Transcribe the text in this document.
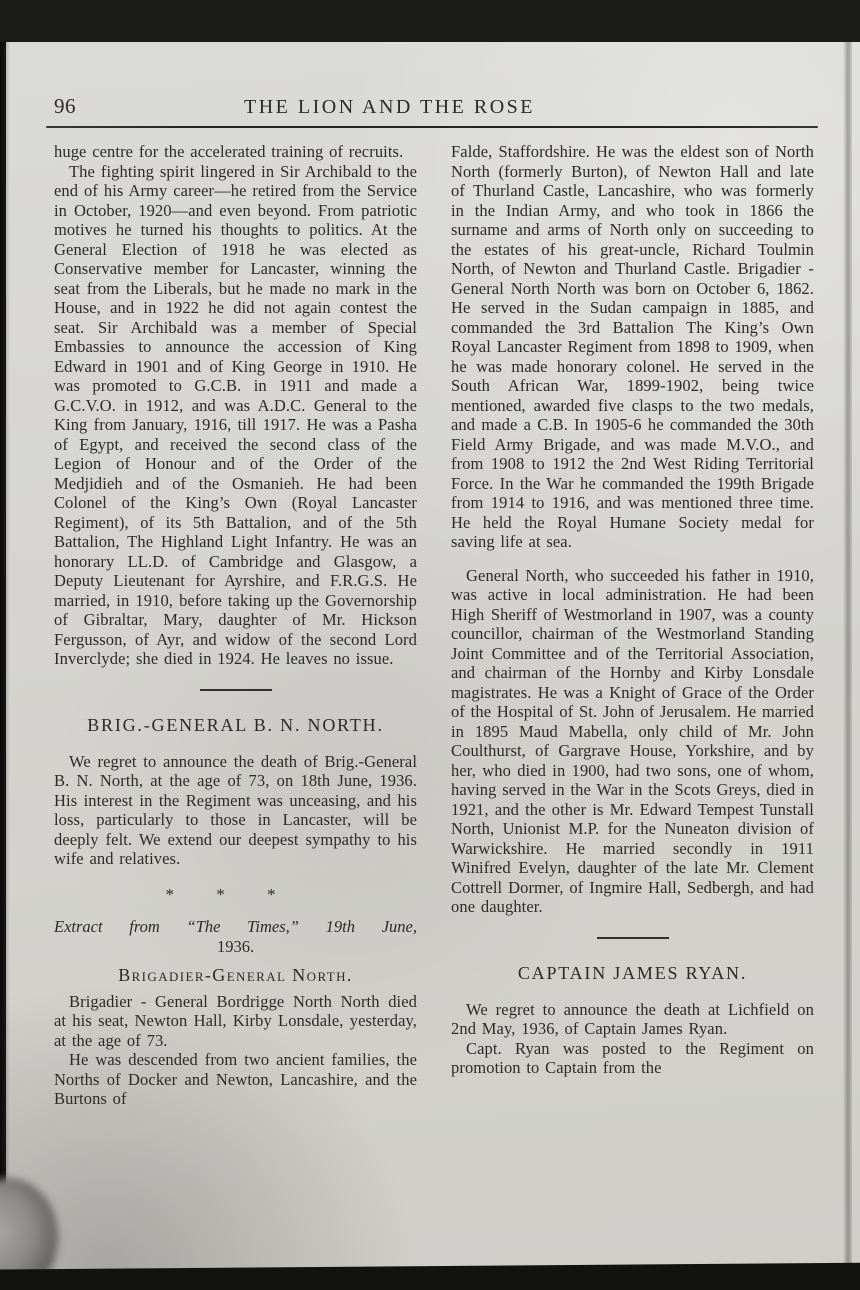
96	THE LION AND THE ROSE

huge centre for the accelerated training of recruits.

The fighting spirit lingered in Sir Archibald to the end of his Army career—he retired from the Service in October, 1920—and even beyond. From patriotic motives he turned his thoughts to politics. At the General Election of 1918 he was elected as Conservative member for Lancaster, winning the seat from the Liberals, but he made no mark in the House, and in 1922 he did not again contest the seat. Sir Archibald was a member of Special Embassies to announce the accession of King Edward in 1901 and of King George in 1910. He was promoted to G.C.B. in 1911 and made a G.C.V.O. in 1912, and was A.D.C. General to the King from January, 1916, till 1917. He was a Pasha of Egypt, and received the second class of the Legion of Honour and of the Order of the Medjidieh and of the Osmanieh. He had been Colonel of the King’s Own (Royal Lancaster Regiment), of its 5th Battalion, and of the 5th Battalion, The Highland Light Infantry. He was an honorary LL.D. of Cambridge and Glasgow, a Deputy Lieutenant for Ayrshire, and F.R.G.S. He married, in 1910, before taking up the Governorship of Gibraltar, Mary, daughter of Mr. Hickson Fergusson, of Ayr, and widow of the second Lord Inverclyde; she died in 1924. He leaves no issue.

BRIG.-GENERAL B. N. NORTH.

We regret to announce the death of Brig.-General B. N. North, at the age of 73, on 18th June, 1936. His interest in the Regiment was unceasing, and his loss, particularly to those in Lancaster, will be deeply felt. We extend our deepest sympathy to his wife and relatives.

* * *
Extract from “The Times,” 19th June,
1936.
Brigadier-General North.

Brigadier - General Bordrigge North North died at his seat, Newton Hall, Kirby Lonsdale, yesterday, at the age of 73.

He was descended from two ancient families, the Norths of Docker and Newton, Lancashire, and the Burtons of

Falde, Staffordshire. He was the eldest son of North North (formerly Burton), of Newton Hall and late of Thurland Castle, Lancashire, who was formerly in the Indian Army, and who took in 1866 the surname and arms of North only on succeeding to the estates of his great-uncle, Richard Toulmin North, of Newton and Thurland Castle. Brigadier - General North North was born on October 6, 1862. He served in the Sudan campaign in 1885, and commanded the 3rd Battalion The King’s Own Royal Lancaster Regiment from 1898 to 1909, when he was made honorary colonel. He served in the South African War, 1899-1902, being twice mentioned, awarded five clasps to the two medals, and made a C.B. In 1905-6 he commanded the 30th Field Army Brigade, and was made M.V.O., and from 1908 to 1912 the 2nd West Riding Territorial Force. In the War he commanded the 199th Brigade from 1914 to 1916, and was mentioned three time. He held the Royal Humane Society medal for saving life at sea.

General North, who succeeded his father in 1910, was active in local administration. He had been High Sheriff of Westmorland in 1907, was a county councillor, chairman of the Westmorland Standing Joint Committee and of the Territorial Association, and chairman of the Hornby and Kirby Lonsdale magistrates. He was a Knight of Grace of the Order of the Hospital of St. John of Jerusalem. He married in 1895 Maud Mabella, only child of Mr. John Coulthurst, of Gargrave House, Yorkshire, and by her, who died in 1900, had two sons, one of whom, having served in the War in the Scots Greys, died in 1921, and the other is Mr. Edward Tempest Tunstall North, Unionist M.P. for the Nuneaton division of Warwickshire. He married secondly in 1911 Winifred Evelyn, daughter of the late Mr. Clement Cottrell Dormer, of Ingmire Hall, Sedbergh, and had one daughter.

CAPTAIN JAMES RYAN.

We regret to announce the death at Lichfield on 2nd May, 1936, of Captain James Ryan.

Capt. Ryan was posted to the Regiment on promotion to Captain from the
